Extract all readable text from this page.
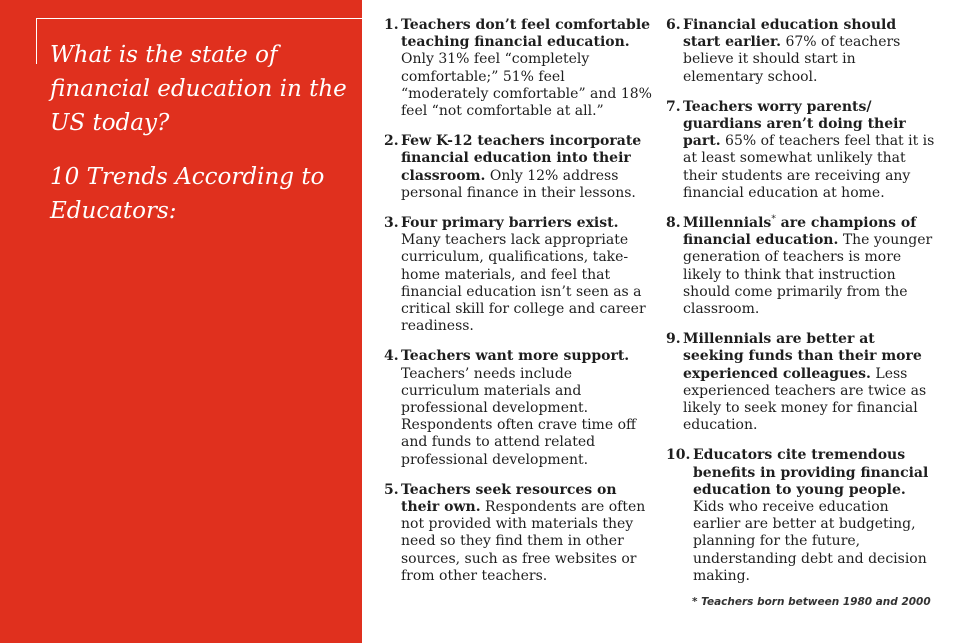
What is the state of financial education in the US today?
10 Trends According to Educators:
1. Teachers don’t feel comfortable teaching financial education. Only 31% feel “completely comfortable;” 51% feel “moderately comfortable” and 18% feel “not comfortable at all.”
2. Few K-12 teachers incorporate financial education into their classroom. Only 12% address personal finance in their lessons.
3. Four primary barriers exist. Many teachers lack appropriate curriculum, qualifications, take-home materials, and feel that financial education isn’t seen as a critical skill for college and career readiness.
4. Teachers want more support. Teachers’ needs include curriculum materials and professional development. Respondents often crave time off and funds to attend related professional development.
5. Teachers seek resources on their own. Respondents are often not provided with materials they need so they find them in other sources, such as free websites or from other teachers.
6. Financial education should start earlier. 67% of teachers believe it should start in elementary school.
7. Teachers worry parents/ guardians aren’t doing their part. 65% of teachers feel that it is at least somewhat unlikely that their students are receiving any financial education at home.
8. Millennials* are champions of financial education. The younger generation of teachers is more likely to think that instruction should come primarily from the classroom.
9. Millennials are better at seeking funds than their more experienced colleagues. Less experienced teachers are twice as likely to seek money for financial education.
10. Educators cite tremendous benefits in providing financial education to young people. Kids who receive education earlier are better at budgeting, planning for the future, understanding debt and decision making.
* Teachers born between 1980 and 2000
